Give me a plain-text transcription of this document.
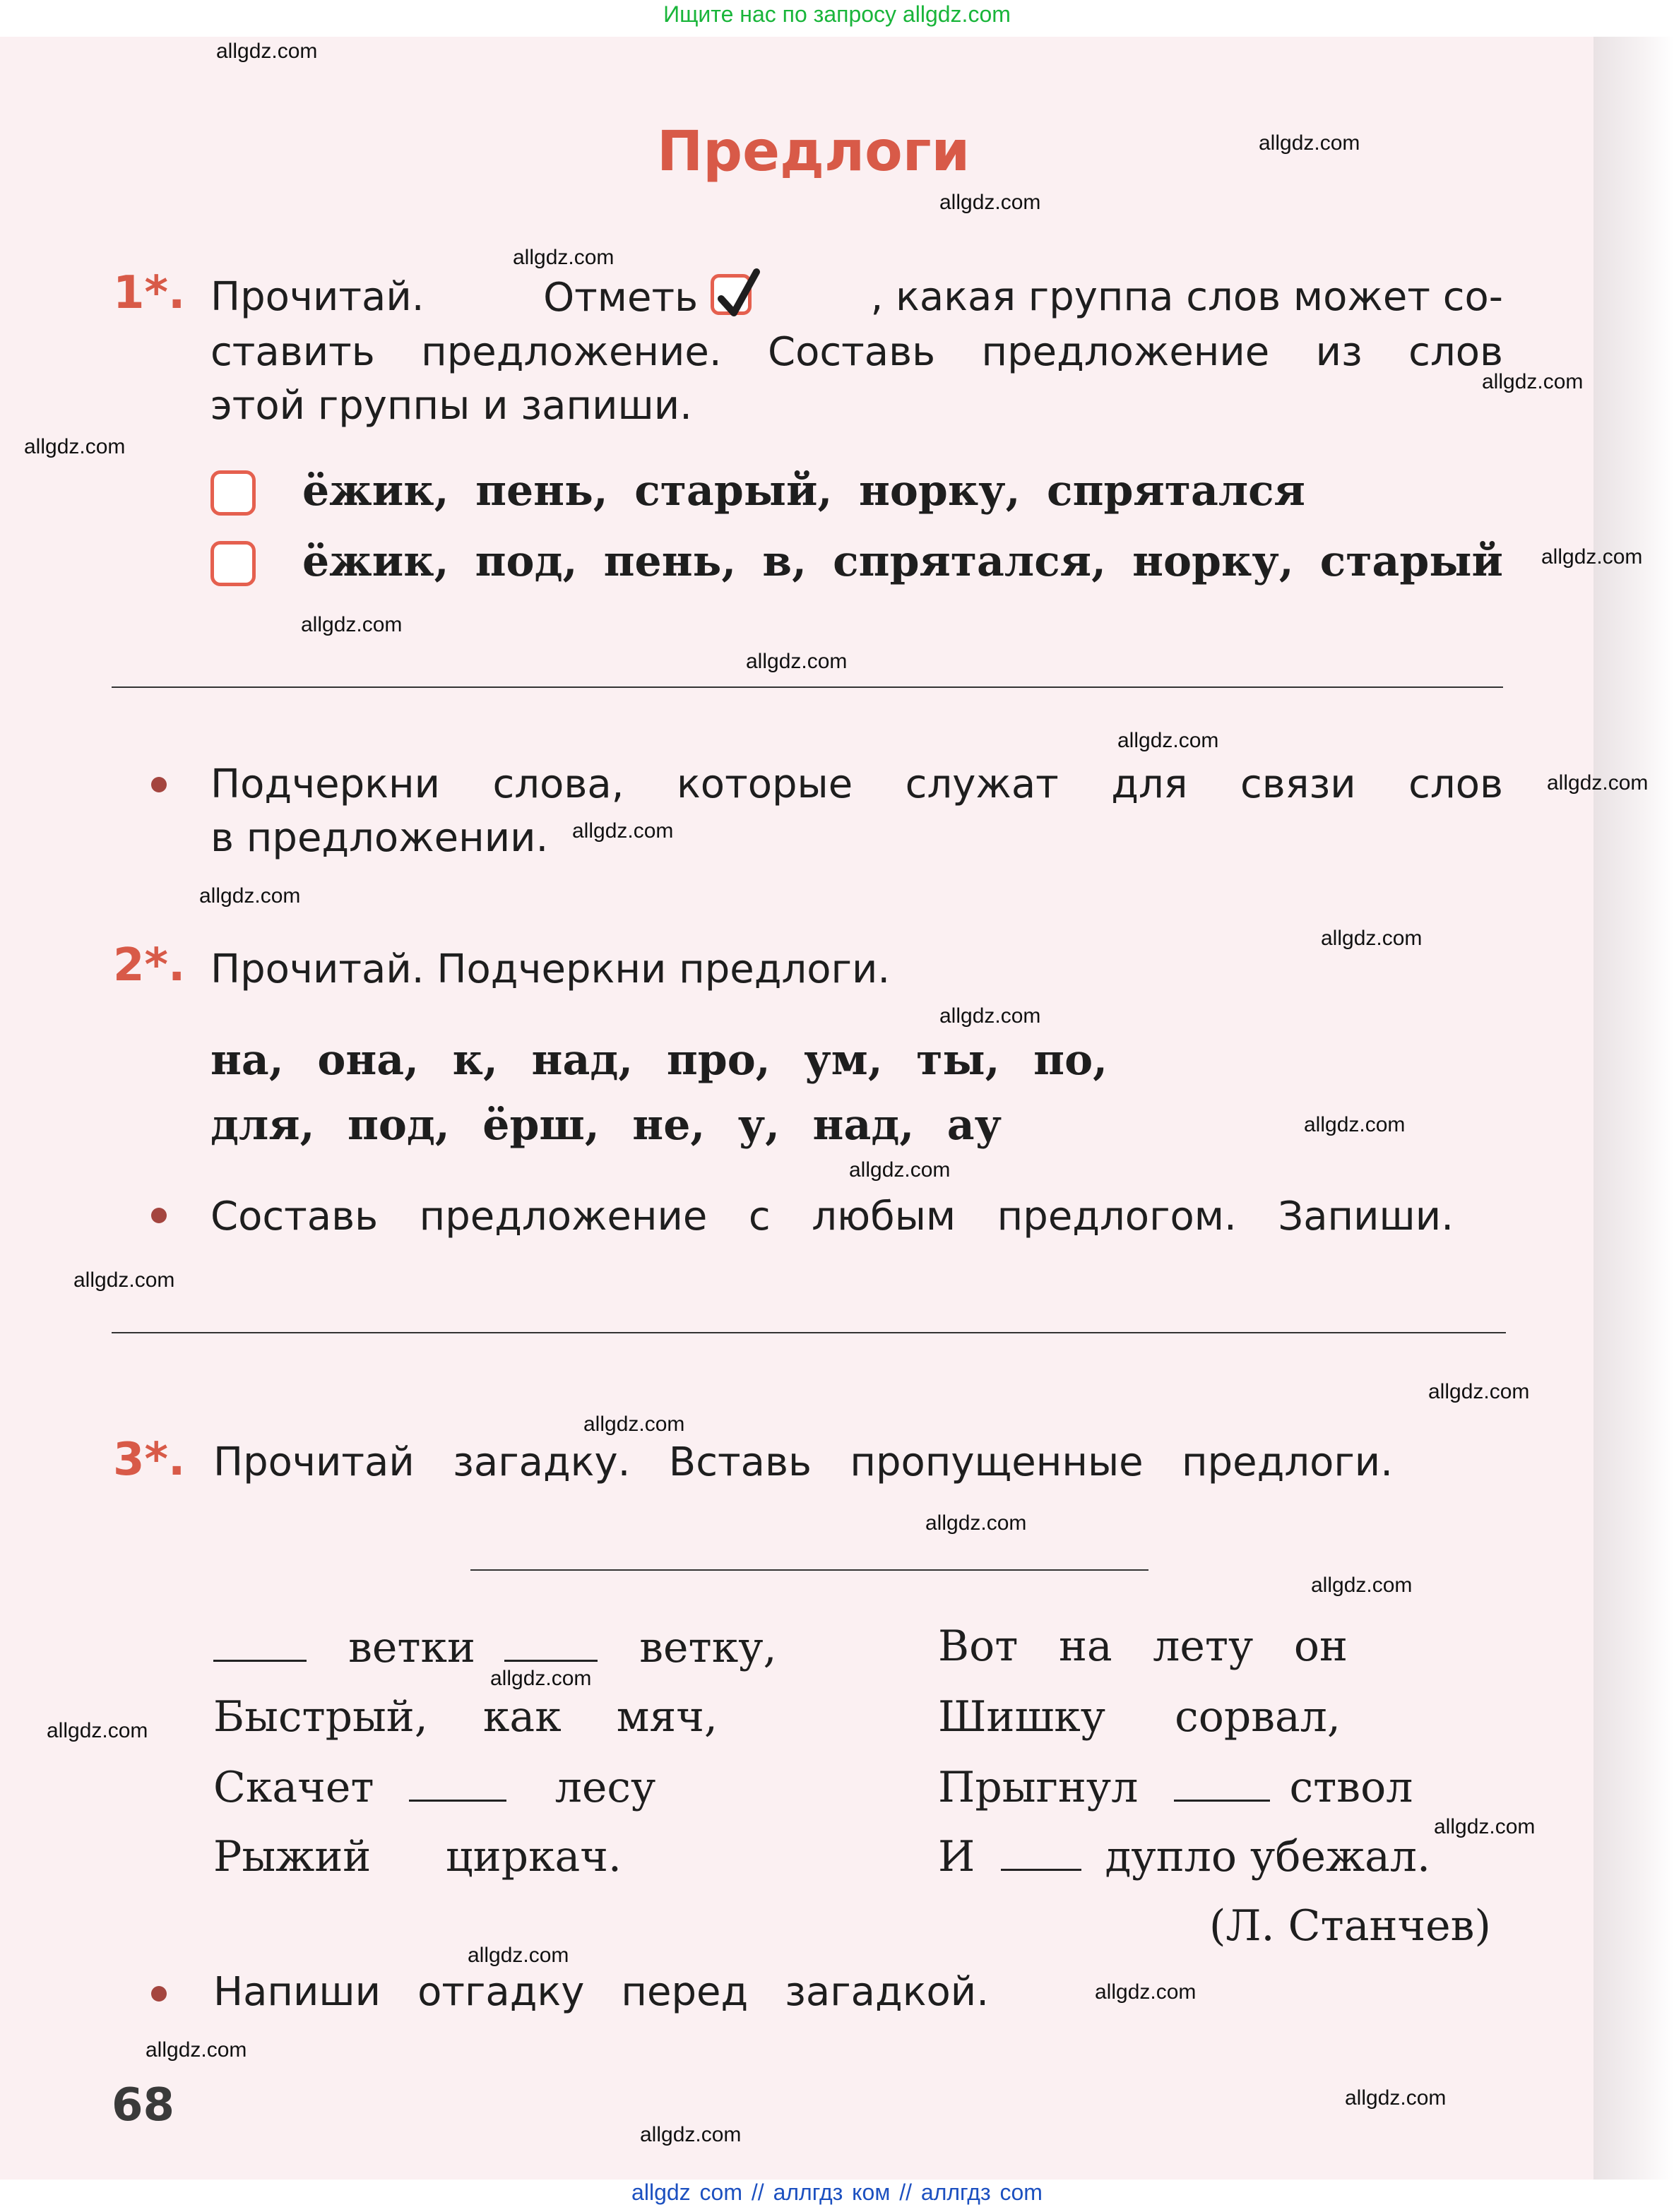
Ищите нас по запросу allgdz.com

Предлоги
1*. Прочитай.	Отметь	, какая группа слов может со-
ставить предложение. Составь предложение из слов
этой группы и запиши.
ёжик, пень, старый, норку, спрятался
ёжик, под, пень, в, спрятался, норку, старый
Подчеркни слова, которые служат для связи слов
в предложении.
2*. Прочитай. Подчеркни предлоги.
на, она, к, над, про, ум, ты, по,
для, под, ёрш, не, у, над, ау
Составь предложение с любым предлогом. Запиши.
3*. Прочитай загадку. Вставь пропущенные предлоги.
ветки	ветку,
Быстрый, как мяч,
Скачет	лесу
Рыжий циркач.
Вот на лету он
Шишку сорвал,
Прыгнул	ствол
И	дупло убежал.
(Л. Станчев)
Напиши отгадку перед загадкой.
68
allgdz.com
allgdz.com
allgdz.com
allgdz.com
allgdz.com
allgdz.com
allgdz.com
allgdz.com
allgdz.com
allgdz.com
allgdz.com
allgdz.com
allgdz.com
allgdz.com
allgdz.com
allgdz.com
allgdz.com
allgdz.com
allgdz.com
allgdz.com
allgdz.com
allgdz.com
allgdz.com
allgdz.com
allgdz.com
allgdz.com
allgdz.com
allgdz.com
allgdz.com
allgdz.com
allgdz com // аллгдз ком // аллгдз com
